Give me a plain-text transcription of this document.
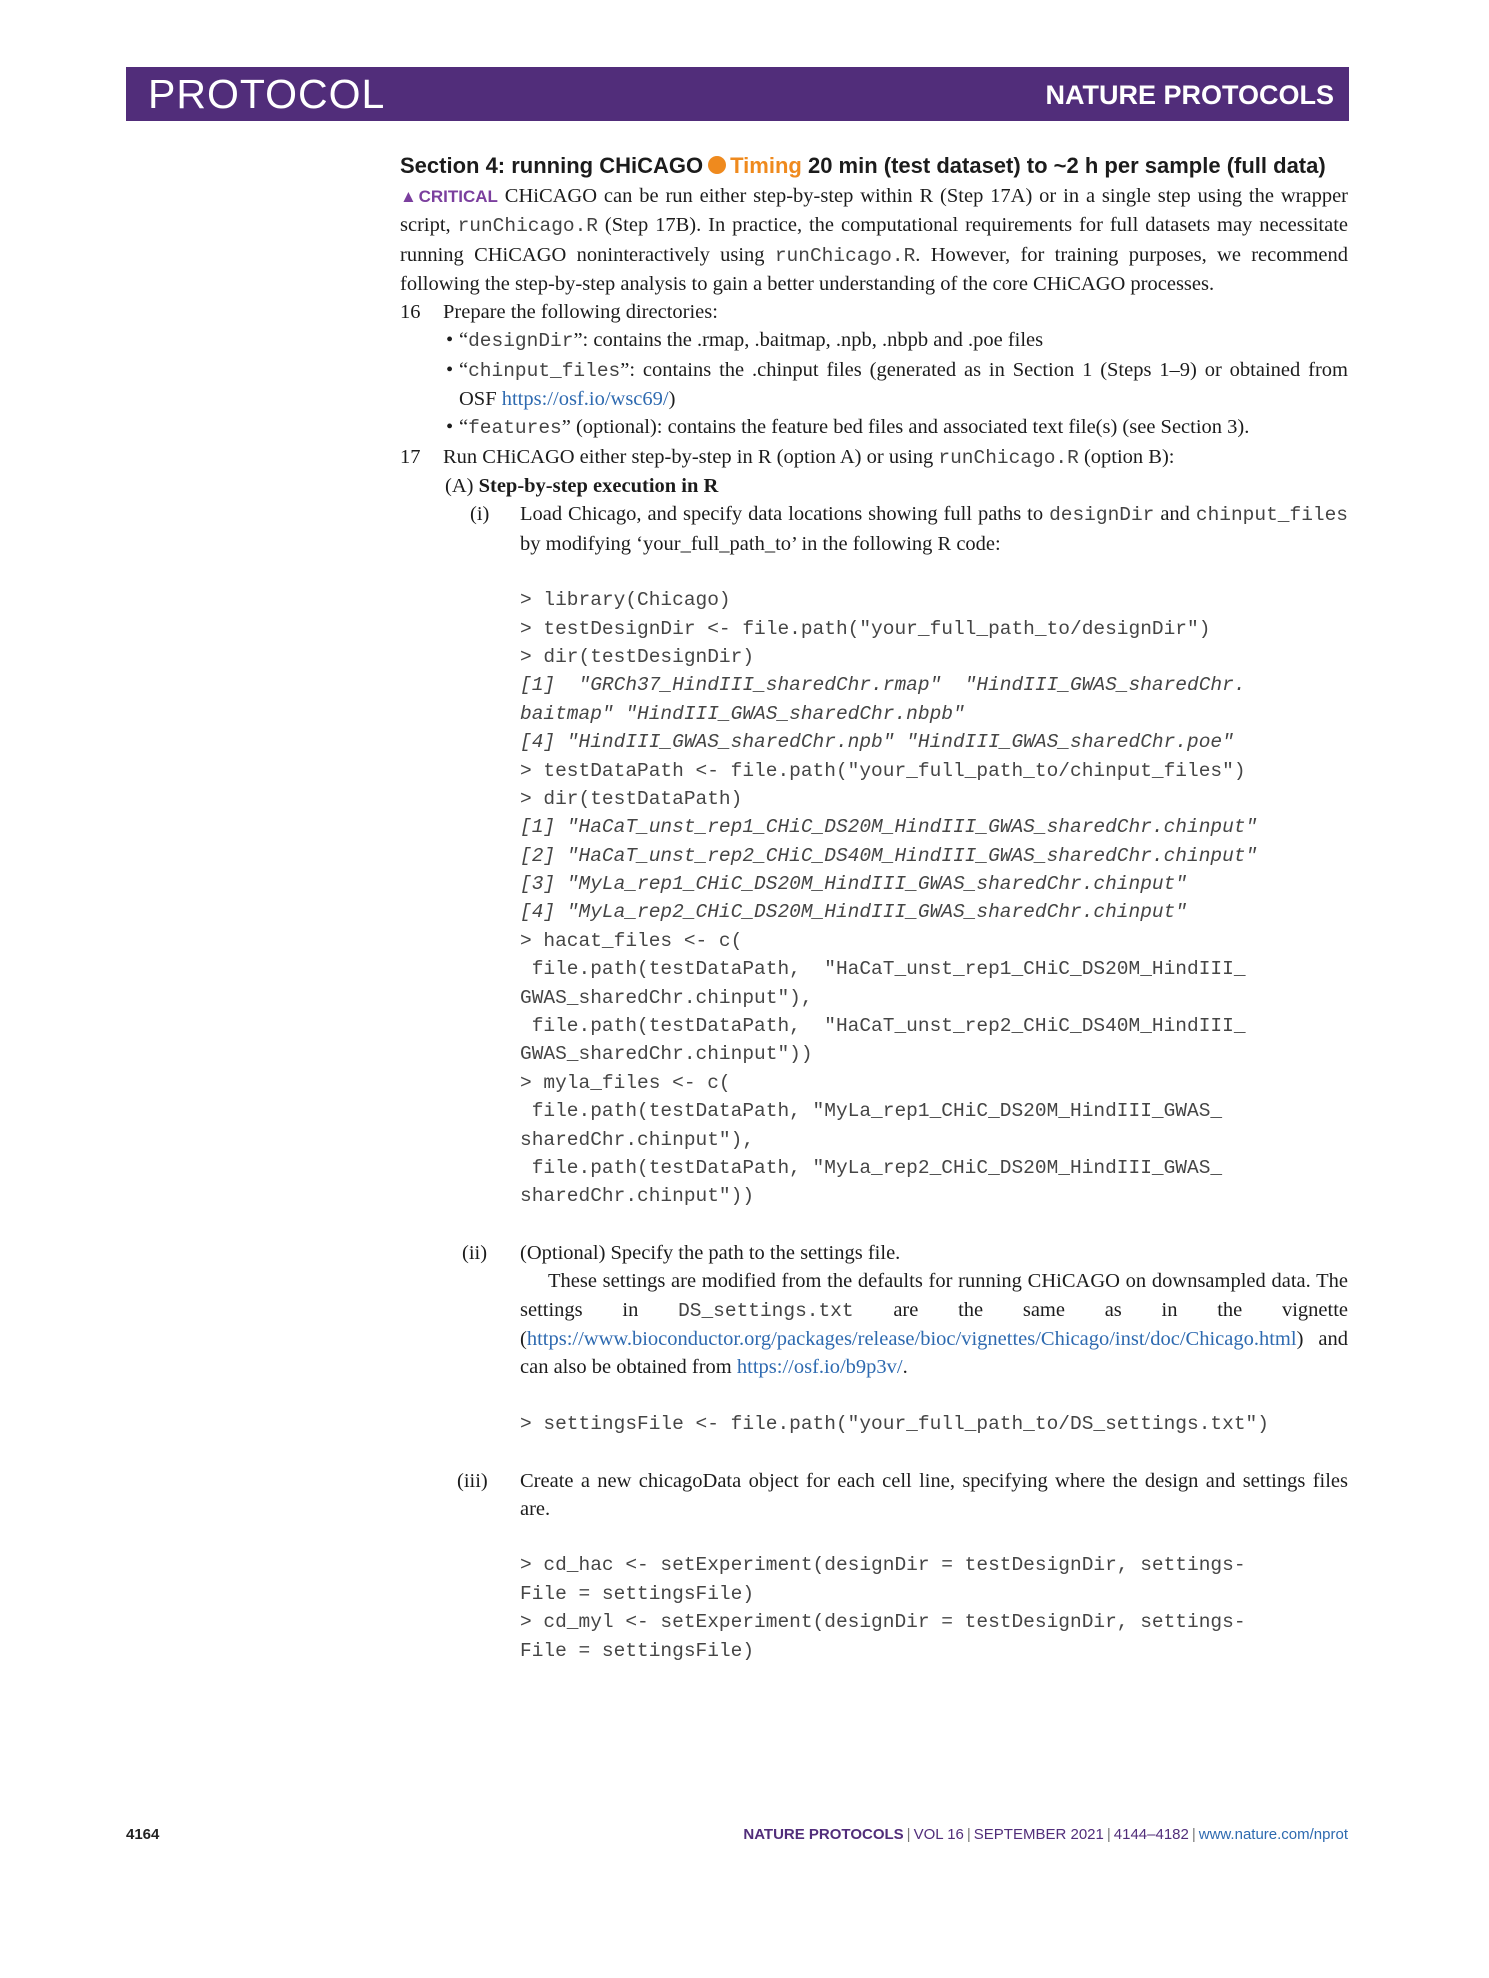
PROTOCOL	NATURE PROTOCOLS
Section 4: running CHiCAGO Timing 20 min (test dataset) to ~2 h per sample (full data)

▲CRITICAL CHiCAGO can be run either step-by-step within R (Step 17A) or in a single step using the wrapper script, runChicago.R (Step 17B). In practice, the computational requirements for full datasets may necessitate running CHiCAGO noninteractively using runChicago.R. However, for training purposes, we recommend following the step-by-step analysis to gain a better understanding of the core CHiCAGO processes.

16	Prepare the following directories:
• “designDir”: contains the .rmap, .baitmap, .npb, .nbpb and .poe files
• “chinput_files”: contains the .chinput files (generated as in Section 1 (Steps 1–9) or obtained from OSF https://osf.io/wsc69/)
• “features” (optional): contains the feature bed files and associated text file(s) (see Section 3).
17	Run CHiCAGO either step-by-step in R (option A) or using runChicago.R (option B):
(A) Step-by-step execution in R
(i) Load Chicago, and specify data locations showing full paths to designDir and chinput_files by modifying ‘your_full_path_to’ in the following R code:
> library(Chicago)
> testDesignDir <- file.path("your_full_path_to/designDir")
> dir(testDesignDir)
[1]  "GRCh37_HindIII_sharedChr.rmap"  "HindIII_GWAS_sharedChr.
baitmap" "HindIII_GWAS_sharedChr.nbpb"
[4] "HindIII_GWAS_sharedChr.npb" "HindIII_GWAS_sharedChr.poe"
> testDataPath <- file.path("your_full_path_to/chinput_files")
> dir(testDataPath)
[1] "HaCaT_unst_rep1_CHiC_DS20M_HindIII_GWAS_sharedChr.chinput"
[2] "HaCaT_unst_rep2_CHiC_DS40M_HindIII_GWAS_sharedChr.chinput"
[3] "MyLa_rep1_CHiC_DS20M_HindIII_GWAS_sharedChr.chinput"
[4] "MyLa_rep2_CHiC_DS20M_HindIII_GWAS_sharedChr.chinput"
> hacat_files <- c(
file.path(testDataPath,  "HaCaT_unst_rep1_CHiC_DS20M_HindIII_
GWAS_sharedChr.chinput"),
file.path(testDataPath,  "HaCaT_unst_rep2_CHiC_DS40M_HindIII_
GWAS_sharedChr.chinput"))
> myla_files <- c(
file.path(testDataPath, "MyLa_rep1_CHiC_DS20M_HindIII_GWAS_
sharedChr.chinput"),
file.path(testDataPath, "MyLa_rep2_CHiC_DS20M_HindIII_GWAS_
sharedChr.chinput"))
(ii) (Optional) Specify the path to the settings file.
These settings are modified from the defaults for running CHiCAGO on downsampled data. The settings in DS_settings.txt are the same as in the vignette (https://www.bioconductor.org/packages/release/bioc/vignettes/Chicago/inst/doc/Chicago.html) and can also be obtained from https://osf.io/b9p3v/.
> settingsFile <- file.path("your_full_path_to/DS_settings.txt")
(iii) Create a new chicagoData object for each cell line, specifying where the design and settings files are.
> cd_hac <- setExperiment(designDir = testDesignDir, settings-
File = settingsFile)
> cd_myl <- setExperiment(designDir = testDesignDir, settings-
File = settingsFile)
4164	NATURE PROTOCOLS | VOL 16 | SEPTEMBER 2021 | 4144–4182 | www.nature.com/nprot
